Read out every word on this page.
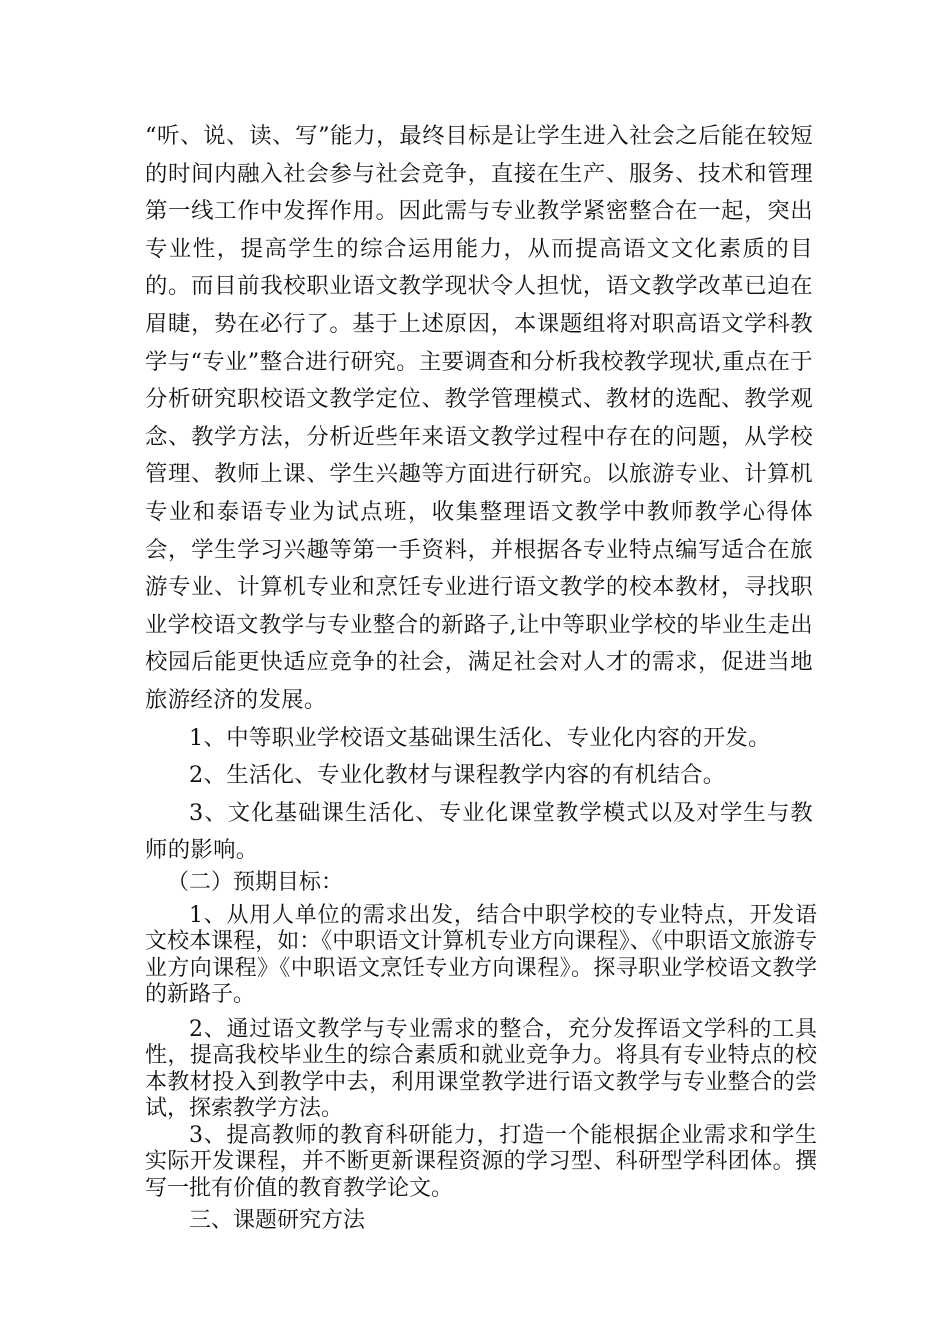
“听、说、读、写”能力，最终目标是让学生进入社会之后能在较短的时间内融入社会参与社会竞争，直接在生产、服务、技术和管理第一线工作中发挥作用。因此需与专业教学紧密整合在一起，突出专业性，提高学生的综合运用能力，从而提高语文文化素质的目的。而目前我校职业语文教学现状令人担忧，语文教学改革已迫在眉睫，势在必行了。基于上述原因，本课题组将对职高语文学科教学与“专业”整合进行研究。主要调查和分析我校教学现状,重点在于分析研究职校语文教学定位、教学管理模式、教材的选配、教学观念、教学方法，分析近些年来语文教学过程中存在的问题，从学校管理、教师上课、学生兴趣等方面进行研究。以旅游专业、计算机专业和泰语专业为试点班，收集整理语文教学中教师教学心得体会，学生学习兴趣等第一手资料，并根据各专业特点编写适合在旅游专业、计算机专业和烹饪专业进行语文教学的校本教材，寻找职业学校语文教学与专业整合的新路子,让中等职业学校的毕业生走出校园后能更快适应竞争的社会，满足社会对人才的需求，促进当地旅游经济的发展。

1、中等职业学校语文基础课生活化、专业化内容的开发。

2、生活化、专业化教材与课程教学内容的有机结合。

3、文化基础课生活化、专业化课堂教学模式以及对学生与教师的影响。

（二）预期目标：

1、从用人单位的需求出发，结合中职学校的专业特点，开发语文校本课程，如：《中职语文计算机专业方向课程》、《中职语文旅游专业方向课程》《中职语文烹饪专业方向课程》。探寻职业学校语文教学的新路子。

2、通过语文教学与专业需求的整合，充分发挥语文学科的工具性，提高我校毕业生的综合素质和就业竞争力。将具有专业特点的校本教材投入到教学中去，利用课堂教学进行语文教学与专业整合的尝试，探索教学方法。

3、提高教师的教育科研能力，打造一个能根据企业需求和学生实际开发课程，并不断更新课程资源的学习型、科研型学科团体。撰写一批有价值的教育教学论文。

三、课题研究方法
